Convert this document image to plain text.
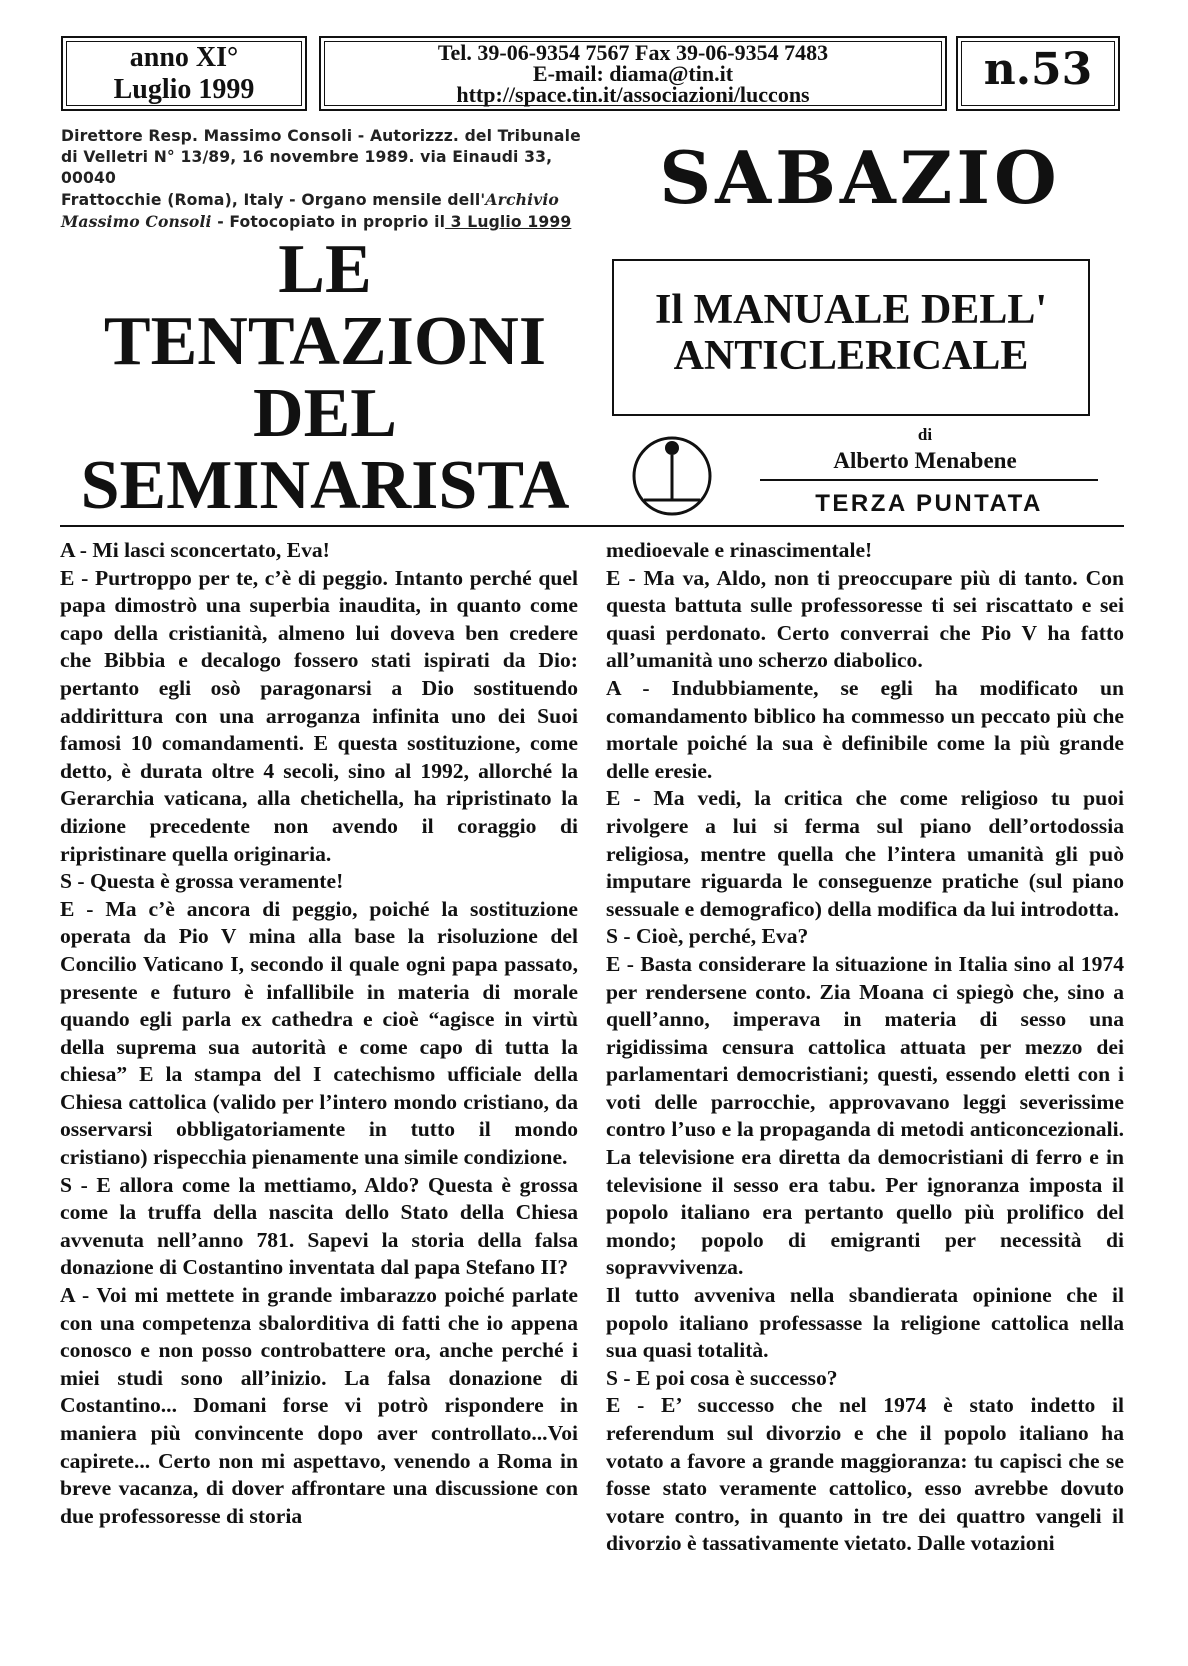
anno XI°
Luglio 1999
Tel. 39-06-9354 7567 Fax 39-06-9354 7483
E-mail: diama@tin.it
http://space.tin.it/associazioni/luccons	n.53
Direttore Resp. Massimo Consoli - Autorizzz. del Tribunale
di Velletri N° 13/89, 16 novembre 1989. via Einaudi 33, 00040
Frattocchie (Roma), Italy - Organo mensile dell'Archivio
Massimo Consoli - Fotocopiato in proprio il 3 Luglio 1999
SABAZIO
LE
TENTAZIONI
DEL
SEMINARISTA
Il MANUALE DELL'
ANTICLERICALE
di
Alberto Menabene
TERZA PUNTATA

A - Mi lasci sconcertato, Eva!

E - Purtroppo per te, c’è di peggio. Intanto perché quel papa dimostrò una superbia inaudita, in quanto come capo della cristianità, almeno lui doveva ben credere che Bibbia e decalogo fossero stati ispirati da Dio: pertanto egli osò paragonarsi a Dio sostituendo addirittura con una arroganza infinita uno dei Suoi famosi 10 comandamenti. E questa sostituzione, come detto, è durata oltre 4 secoli, sino al 1992, allorché la Gerarchia vaticana, alla chetichella, ha ripristinato la dizione precedente non avendo il coraggio di ripristinare quella originaria.

S - Questa è grossa veramente!

E - Ma c’è ancora di peggio, poiché la sostituzione operata da Pio V mina alla base la risoluzione del Concilio Vaticano I, secondo il quale ogni papa passato, presente e futuro è infallibile in materia di morale quando egli parla ex cathedra e cioè “agisce in virtù della suprema sua autorità e come capo di tutta la chiesa” E la stampa del I catechismo ufficiale della Chiesa cattolica (valido per l’intero mondo cristiano, da osservarsi obbligatoriamente in tutto il mondo cristiano) rispecchia pienamente una simile condizione.

S - E allora come la mettiamo, Aldo? Questa è grossa come la truffa della nascita dello Stato della Chiesa avvenuta nell’anno 781. Sapevi la storia della falsa donazione di Costantino inventata dal papa Stefano II?

A - Voi mi mettete in grande imbarazzo poiché parlate con una competenza sbalorditiva di fatti che io appena conosco e non posso controbattere ora, anche perché i miei studi sono all’inizio. La falsa donazione di Costantino... Domani forse vi potrò rispondere in maniera più convincente dopo aver controllato...Voi capirete... Certo non mi aspettavo, venendo a Roma in breve vacanza, di dover affrontare una discussione con due professoresse di storia

medioevale e rinascimentale!

E - Ma va, Aldo, non ti preoccupare più di tanto. Con questa battuta sulle professoresse ti sei riscattato e sei quasi perdonato. Certo converrai che Pio V ha fatto all’umanità uno scherzo diabolico.

A - Indubbiamente, se egli ha modificato un comandamento biblico ha commesso un peccato più che mortale poiché la sua è definibile come la più grande delle eresie.

E - Ma vedi, la critica che come religioso tu puoi rivolgere a lui si ferma sul piano dell’ortodossia religiosa, mentre quella che l’intera umanità gli può imputare riguarda le conseguenze pratiche (sul piano sessuale e demografico) della modifica da lui introdotta.

S - Cioè, perché, Eva?

E - Basta considerare la situazione in Italia sino al 1974 per rendersene conto. Zia Moana ci spiegò che, sino a quell’anno, imperava in materia di sesso una rigidissima censura cattolica attuata per mezzo dei parlamentari democristiani; questi, essendo eletti con i voti delle parrocchie, approvavano leggi severissime contro l’uso e la propaganda di metodi anticoncezionali. La televisione era diretta da democristiani di ferro e in televisione il sesso era tabu. Per ignoranza imposta il popolo italiano era pertanto quello più prolifico del mondo; popolo di emigranti per necessità di sopravvivenza.

Il tutto avveniva nella sbandierata opinione che il popolo italiano professasse la religione cattolica nella sua quasi totalità.

S - E poi cosa è successo?

E - E’ successo che nel 1974 è stato indetto il referendum sul divorzio e che il popolo italiano ha votato a favore a grande maggioranza: tu capisci che se fosse stato veramente cattolico, esso avrebbe dovuto votare contro, in quanto in tre dei quattro vangeli il divorzio è tassativamente vietato. Dalle votazioni
